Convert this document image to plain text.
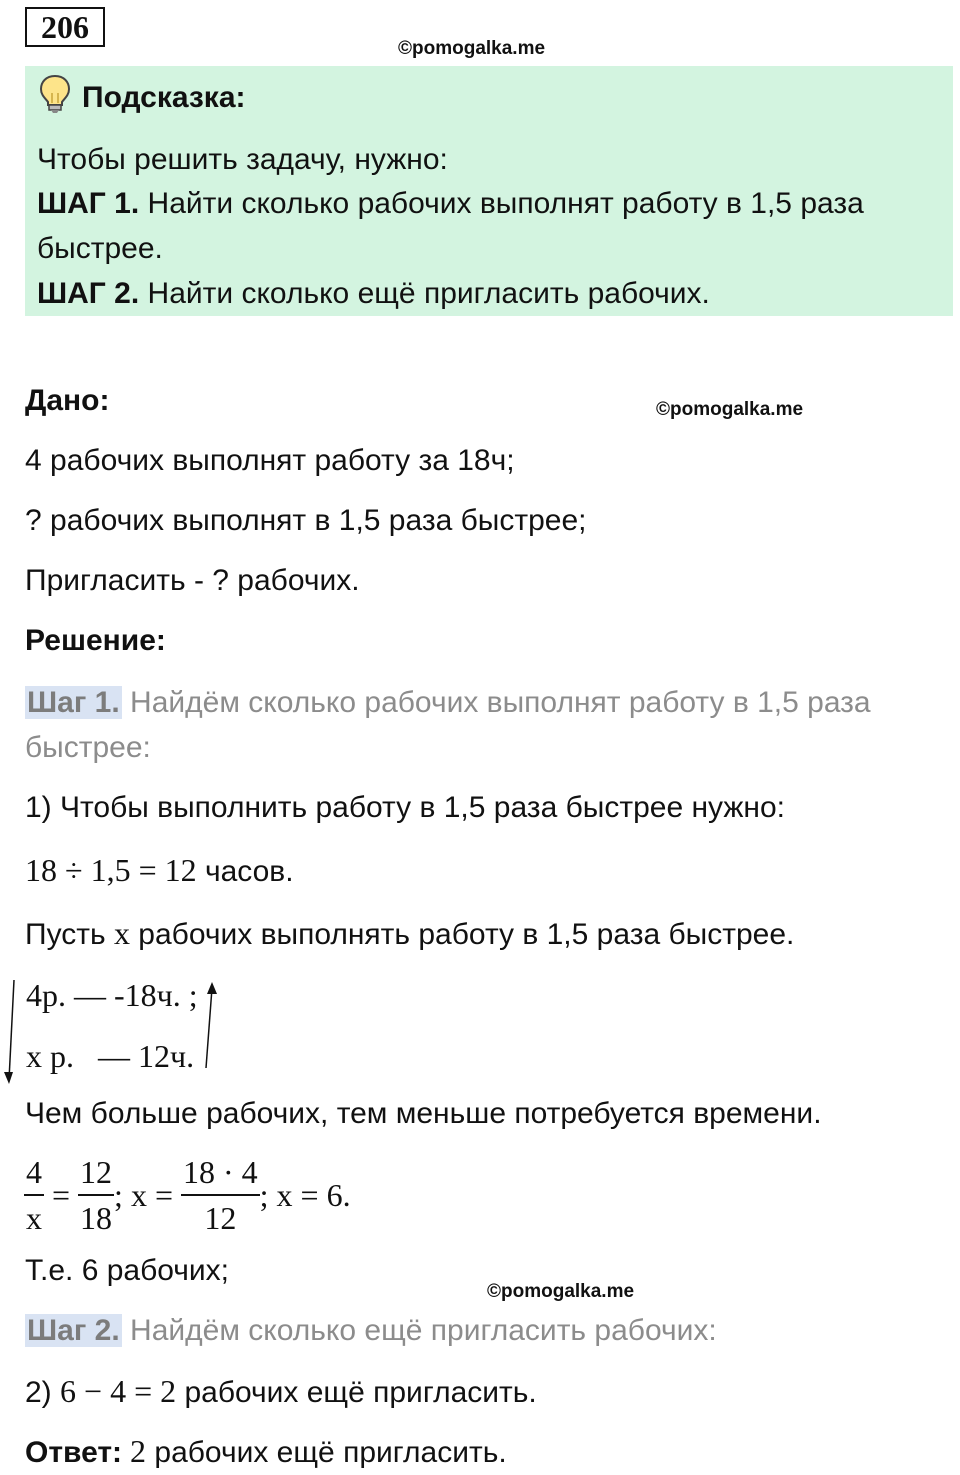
206
©pomogalka.me
©pomogalka.me
©pomogalka.me
Подсказка:
Чтобы решить задачу, нужно:
ШАГ 1. Найти сколько рабочих выполнят работу в 1,5 раза
быстрее.
ШАГ 2. Найти сколько ещё пригласить рабочих.
Дано:
4 рабочих выполнят работу за 18ч;
? рабочих выполнят в 1,5 раза быстрее;
Пригласить - ? рабочих.
Решение:
Шаг 1. Найдём сколько рабочих выполнят работу в 1,5 раза
быстрее:
1) Чтобы выполнить работу в 1,5 раза быстрее нужно:
18 ÷ 1,5 = 12 часов.
Пусть x рабочих выполнять работу в 1,5 раза быстрее.
4р. — -18ч. ;
x р.   — 12ч.
Чем больше рабочих, тем меньше потребуется времени.
$\frac{4}{x} = \frac{12}{18}$ ; $x = \frac{18 \cdot 4}{12}$ ; x = 6.
Т.е. 6 рабочих;
Шаг 2. Найдём сколько ещё пригласить рабочих:
2) 6 − 4 = 2 рабочих ещё пригласить.
Ответ: 2 рабочих ещё пригласить.
